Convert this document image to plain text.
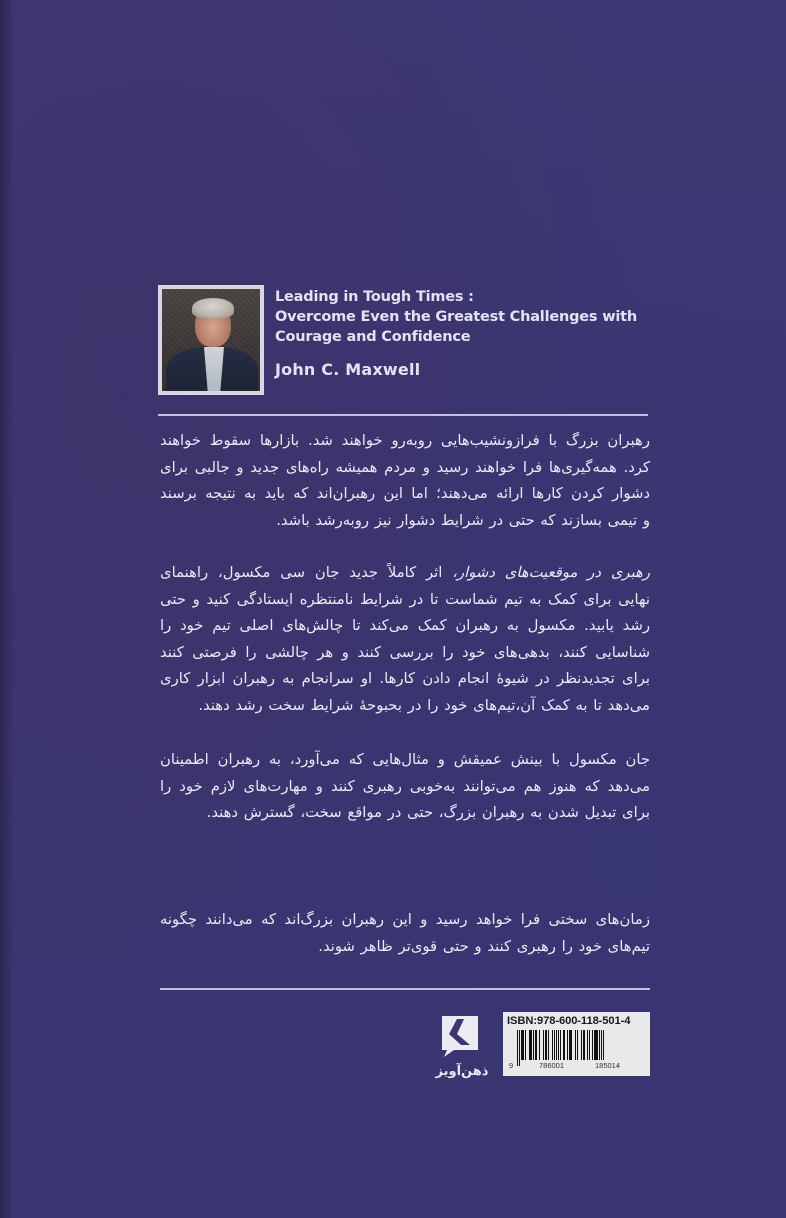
Leading in Tough Times :
Overcome Even the Greatest Challenges with
Courage and Confidence
John C. Maxwell
رهبران بزرگ با فرازونشیب‌هایی روبه‌رو خواهند شد. بازارها سقوط خواهند
کرد. همه‌گیری‌ها فرا خواهند رسید و مردم همیشه راه‌های جدید و جالبی برای
دشوار کردن کارها ارائه می‌دهند؛ اما این رهبران‌اند که باید به نتیجه برسند
و تیمی بسازند که حتی در شرایط دشوار نیز روبه‌رشد باشد.
رهبری در موقعیت‌های دشوار، اثر کاملاً جدید جان سی مکسول، راهنمای
نهایی برای کمک به تیم شماست تا در شرایط نامنتظره ایستادگی کنید و حتی
رشد یابید. مکسول به رهبران کمک می‌کند تا چالش‌های اصلی تیم خود را
شناسایی کنند، بدهی‌های خود را بررسی کنند و هر چالشی را فرصتی کنند
برای تجدیدنظر در شیوهٔ انجام دادن کارها. او سرانجام به رهبران ابزار کاری
می‌دهد تا به کمک آن،تیم‌های خود را در بحبوحهٔ شرایط سخت رشد دهند.
جان مکسول با بینش عمیقش و مثال‌هایی که می‌آورد، به رهبران اطمینان
می‌دهد که هنوز هم می‌توانند به‌خوبی رهبری کنند و مهارت‌های لازم خود را
برای تبدیل شدن به رهبران بزرگ، حتی در مواقع سخت، گسترش دهند.
زمان‌های سختی فرا خواهد رسید و این رهبران بزرگ‌اند که می‌دانند چگونه
تیم‌های خود را رهبری کنند و حتی قوی‌تر ظاهر شوند.
ذهن‌آویز
ISBN:978-600-118-501-4
9	786001	185014
